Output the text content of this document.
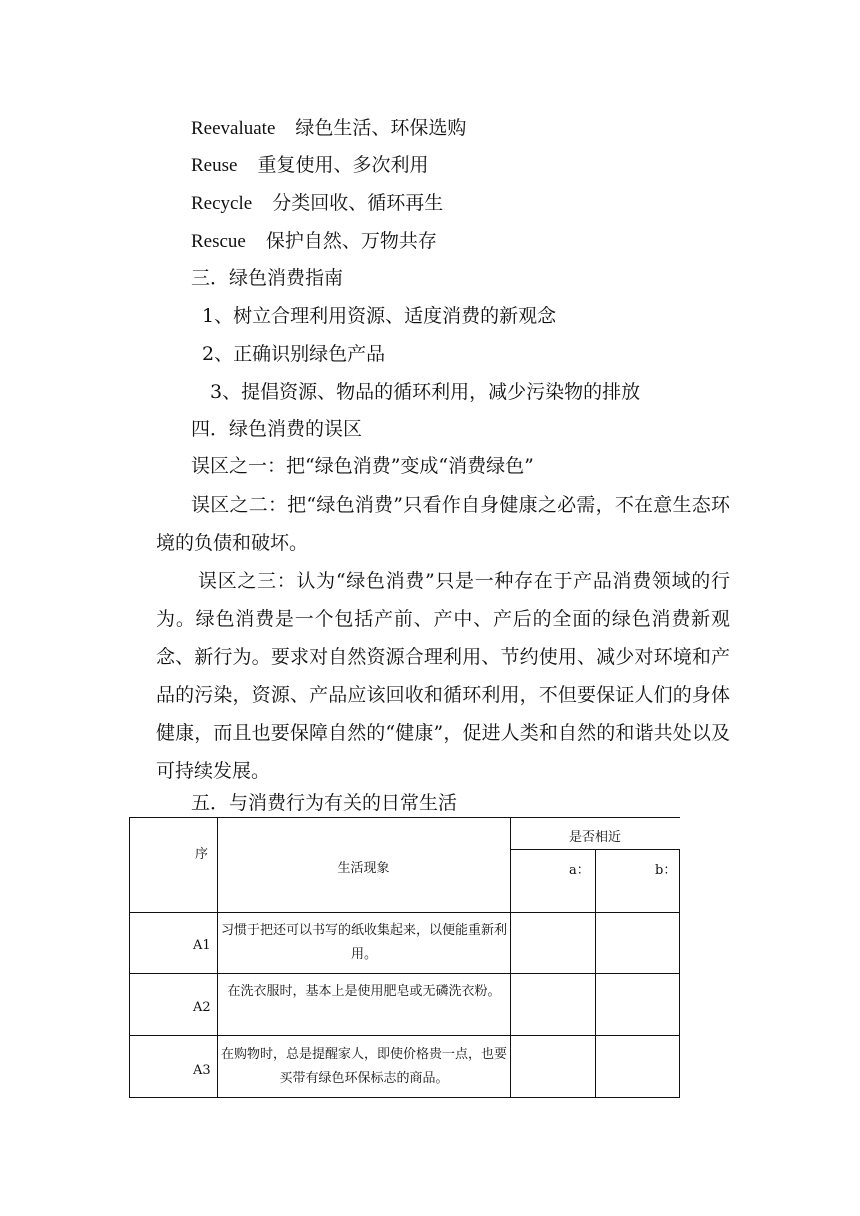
Reevaluate 绿色生活、环保选购
Reuse 重复使用、多次利用
Recycle 分类回收、循环再生
Rescue 保护自然、万物共存
三．绿色消费指南
1、树立合理利用资源、适度消费的新观念
2、正确识别绿色产品
3、提倡资源、物品的循环利用，减少污染物的排放
四．绿色消费的误区
误区之一：把“绿色消费”变成“消费绿色”
误区之二：把“绿色消费”只看作自身健康之必需，不在意生态环境的负债和破坏。
误区之三：认为“绿色消费”只是一种存在于产品消费领域的行为。绿色消费是一个包括产前、产中、产后的全面的绿色消费新观念、新行为。要求对自然资源合理利用、节约使用、减少对环境和产品的污染，资源、产品应该回收和循环利用，不但要保证人们的身体健康，而且也要保障自然的“健康”，促进人类和自然的和谐共处以及可持续发展。
五．与消费行为有关的日常生活
序
生活现象
是否相近
a：	b：
A1
习惯于把还可以书写的纸收集起来，以便能重新利用。
A2
在洗衣服时，基本上是使用肥皂或无磷洗衣粉。
A3
在购物时，总是提醒家人，即使价格贵一点，也要买带有绿色环保标志的商品。
